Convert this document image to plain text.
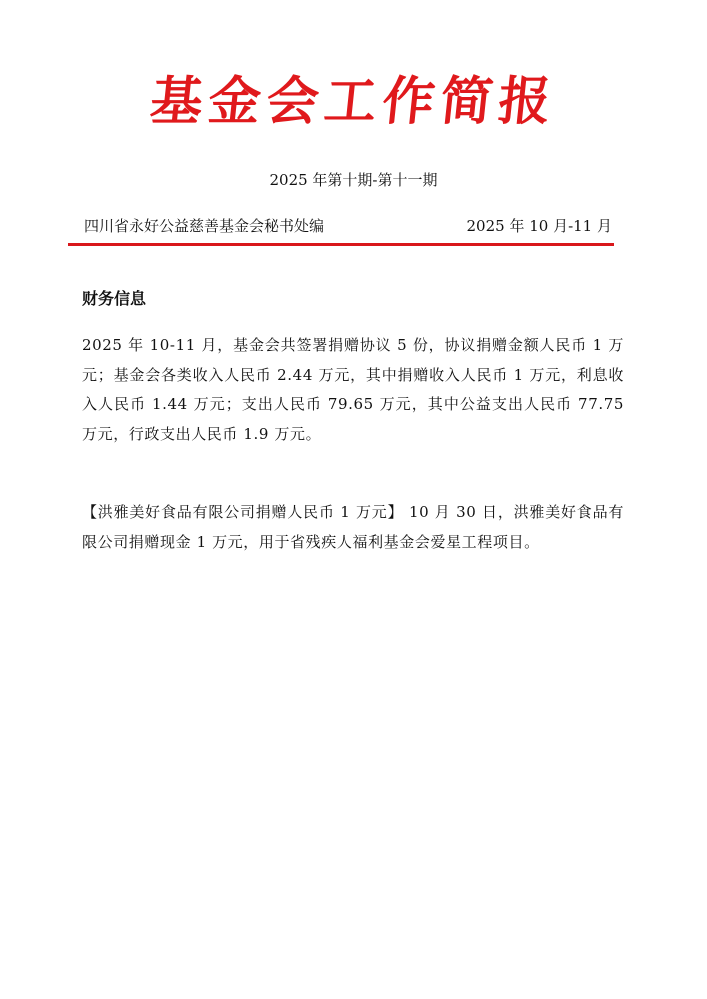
基金会工作简报
2025 年第十期-第十一期
四川省永好公益慈善基金会秘书处编	2025 年 10 月-11 月
财务信息

2025 年 10-11 月，基金会共签署捐赠协议 5 份，协议捐赠金额人民币 1 万元；基金会各类收入人民币 2.44 万元，其中捐赠收入人民币 1 万元，利息收入人民币 1.44 万元；支出人民币 79.65 万元，其中公益支出人民币 77.75 万元，行政支出人民币 1.9 万元。

【洪雅美好食品有限公司捐赠人民币 1 万元】 10 月 30 日，洪雅美好食品有限公司捐赠现金 1 万元，用于省残疾人福利基金会爱星工程项目。
